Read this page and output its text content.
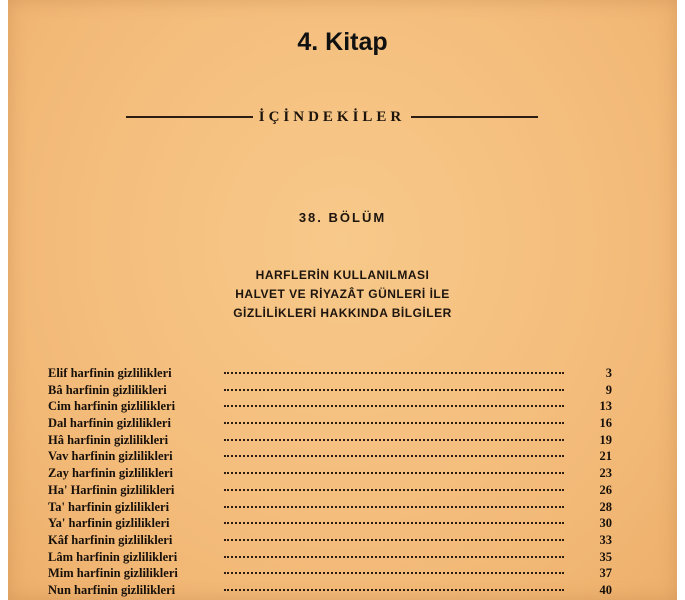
4. Kitap
İÇİNDEKİLER
38. BÖLÜM
HARFLERİN KULLANILMASI
HALVET VE RİYAZÂT GÜNLERİ İLE
GİZLİLİKLERİ HAKKINDA BİLGİLER
Elif harfinin gizlilikleri	3
Bâ harfinin gizlilikleri	9
Cim harfinin gizlilikleri	13
Dal harfinin gizlilikleri	16
Hâ harfinin gizlilikleri	19
Vav harfinin gizlilikleri	21
Zay harfinin gizlilikleri	23
Ha' Harfinin gizlilikleri	26
Ta' harfinin gizlilikleri	28
Ya' harfinin gizlilikleri	30
Kâf harfinin gizlilikleri	33
Lâm harfinin gizlilikleri	35
Mim harfinin gizlilikleri	37
Nun harfinin gizlilikleri	40
